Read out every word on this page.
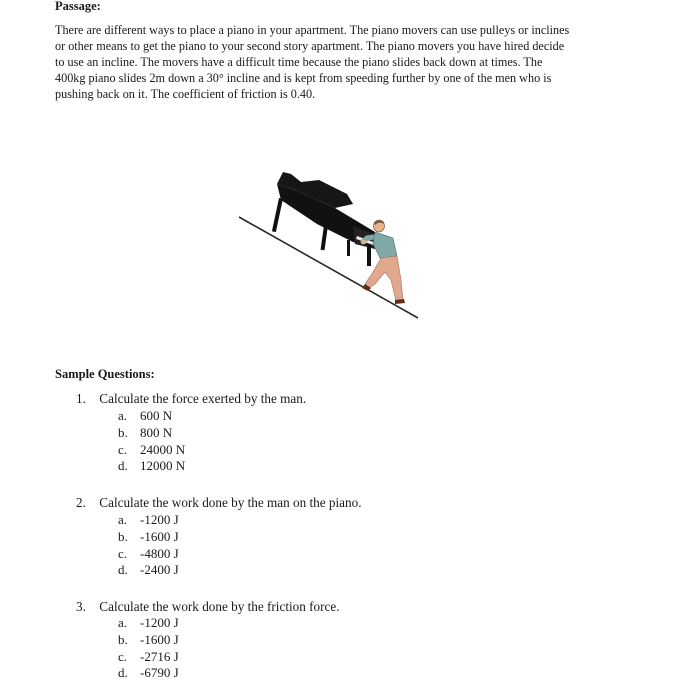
Passage:
There are different ways to place a piano in your apartment. The piano movers can use pulleys or inclines
or other means to get the piano to your second story apartment. The piano movers you have hired decide
to use an incline. The movers have a difficult time because the piano slides back down at times. The
400kg piano slides 2m down a 30° incline and is kept from speeding further by one of the men who is
pushing back on it. The coefficient of friction is 0.40.
Sample Questions:
1. Calculate the force exerted by the man.
a. 600 N
b. 800 N
c. 24000 N
d. 12000 N
2. Calculate the work done by the man on the piano.
a. -1200 J
b. -1600 J
c. -4800 J
d. -2400 J
3. Calculate the work done by the friction force.
a. -1200 J
b. -1600 J
c. -2716 J
d. -6790 J
